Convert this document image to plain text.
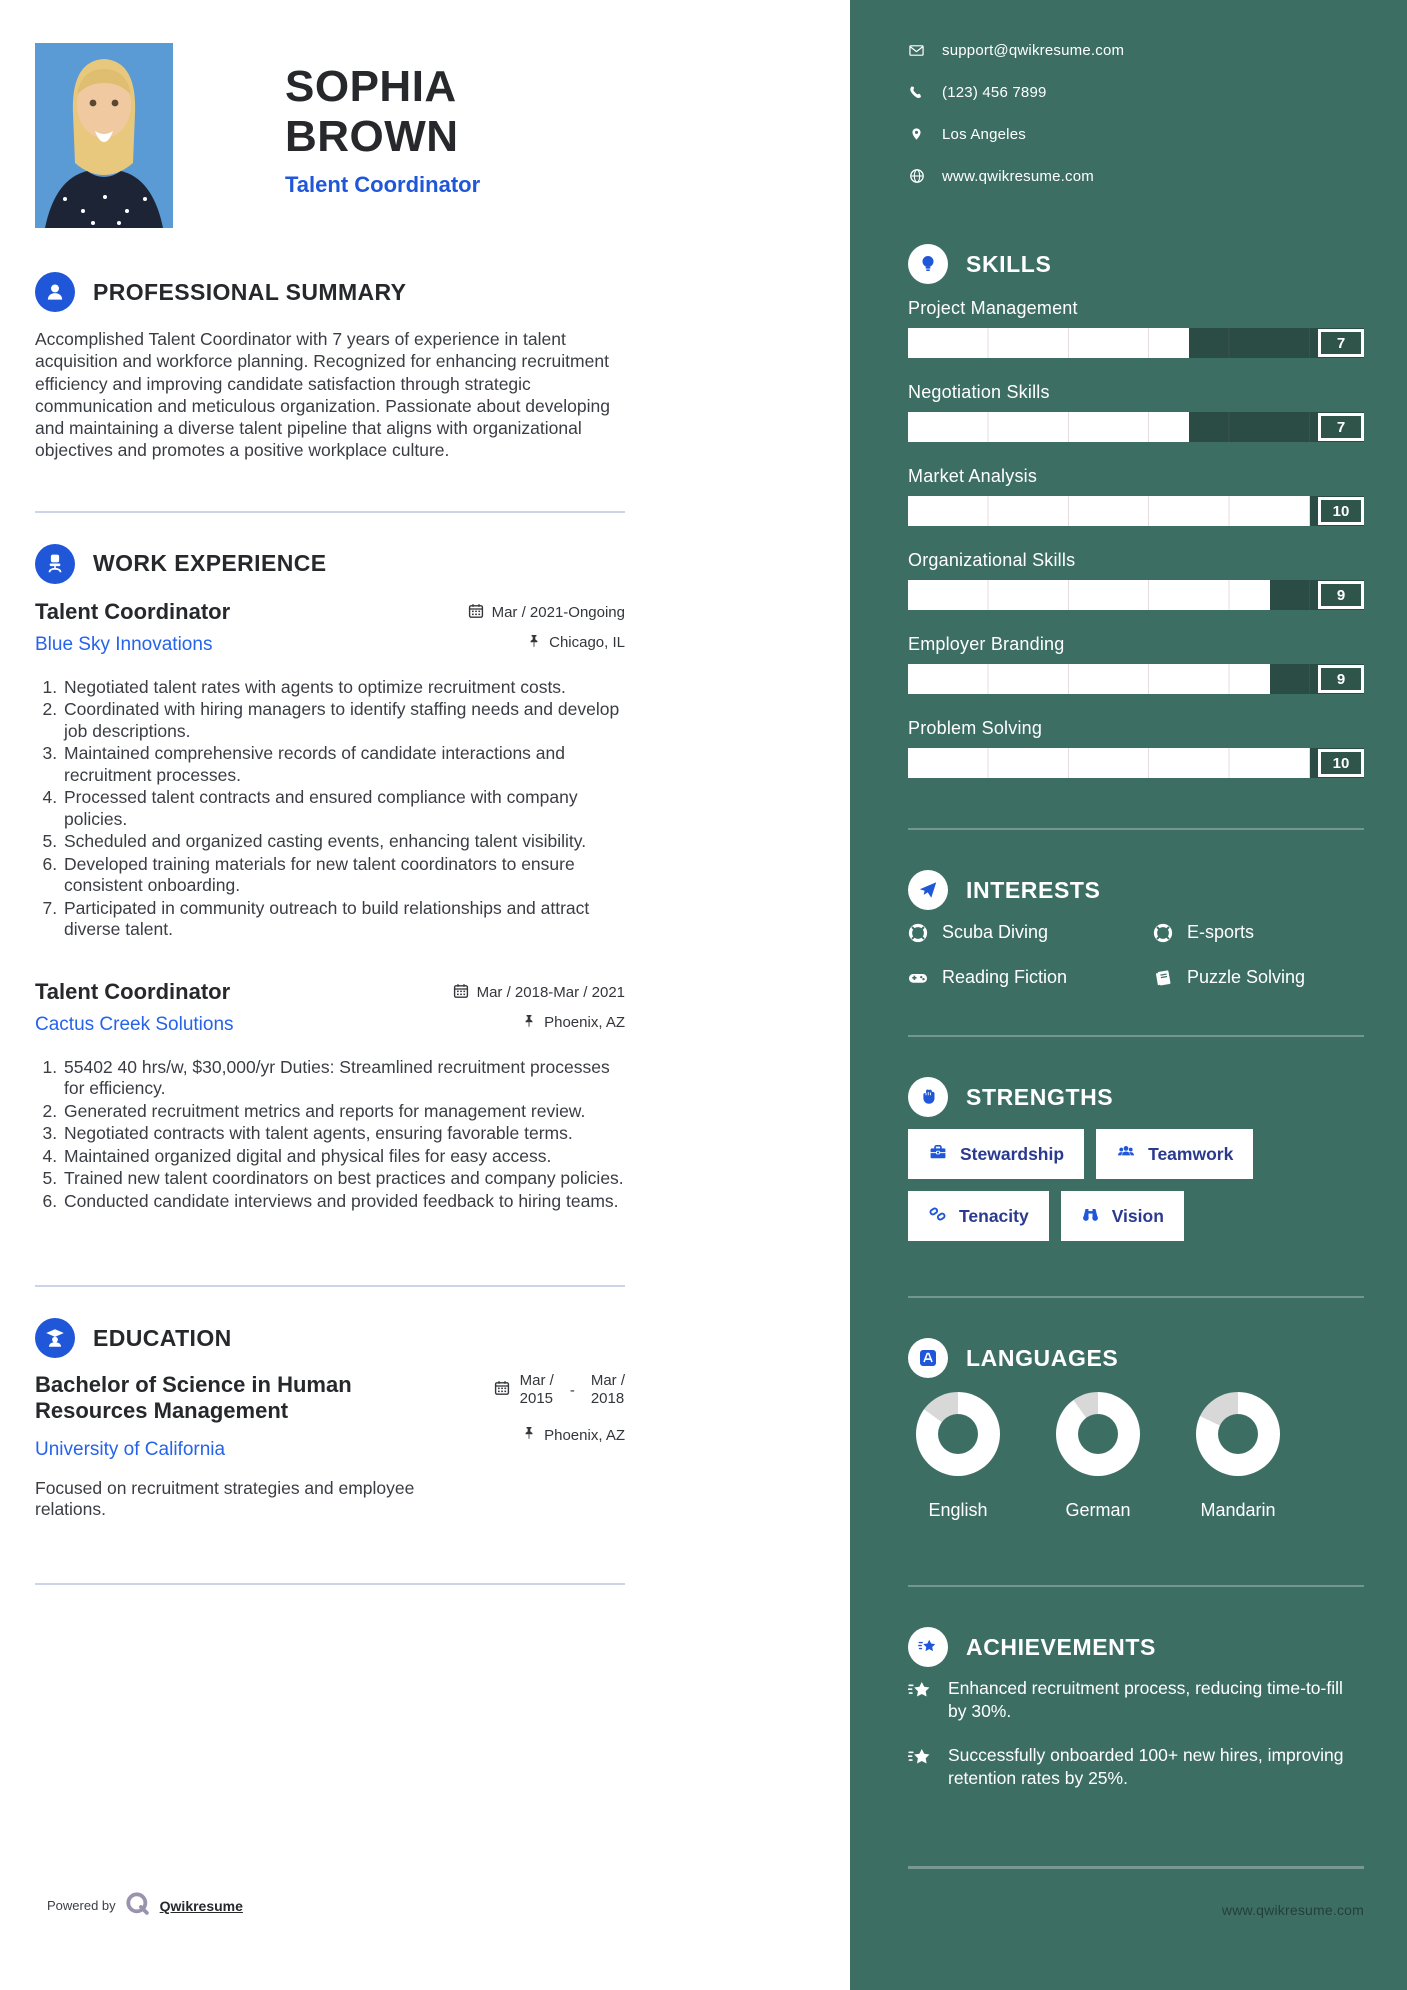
SOPHIA BROWN
Talent Coordinator
PROFESSIONAL SUMMARY

Accomplished Talent Coordinator with 7 years of experience in talent acquisition and workforce planning. Recognized for enhancing recruitment efficiency and improving candidate satisfaction through strategic communication and meticulous organization. Passionate about developing and maintaining a diverse talent pipeline that aligns with organizational objectives and promotes a positive workplace culture.

WORK EXPERIENCE
Talent Coordinator
Blue Sky Innovations
Mar / 2021-Ongoing
Chicago, IL
1. Negotiated talent rates with agents to optimize recruitment costs.
2. Coordinated with hiring managers to identify staffing needs and develop job descriptions.
3. Maintained comprehensive records of candidate interactions and recruitment processes.
4. Processed talent contracts and ensured compliance with company policies.
5. Scheduled and organized casting events, enhancing talent visibility.
6. Developed training materials for new talent coordinators to ensure consistent onboarding.
7. Participated in community outreach to build relationships and attract diverse talent.
Talent Coordinator
Cactus Creek Solutions
Mar / 2018-Mar / 2021
Phoenix, AZ
1. 55402 40 hrs/w, $30,000/yr Duties: Streamlined recruitment processes for efficiency.
2. Generated recruitment metrics and reports for management review.
3. Negotiated contracts with talent agents, ensuring favorable terms.
4. Maintained organized digital and physical files for easy access.
5. Trained new talent coordinators on best practices and company policies.
6. Conducted candidate interviews and provided feedback to hiring teams.
EDUCATION
Bachelor of Science in Human Resources Management
University of California
Focused on recruitment strategies and employee relations.
Mar /
2015	-
Mar /
2018
Phoenix, AZ
Powered by	Qwikresume
support@qwikresume.com
(123) 456 7899
Los Angeles
www.qwikresume.com
SKILLS
Project Management
7
Negotiation Skills
7
Market Analysis
10
Organizational Skills
9
Employer Branding
9
Problem Solving
10
INTERESTS
Scuba Diving	E-sports
Reading Fiction	Puzzle Solving
STRENGTHS
Stewardship	Teamwork

Tenacity	Vision
LANGUAGES
English	German	Mandarin
ACHIEVEMENTS
Enhanced recruitment process, reducing time-to-fill by 30%.
Successfully onboarded 100+ new hires, improving retention rates by 25%.
www.qwikresume.com
